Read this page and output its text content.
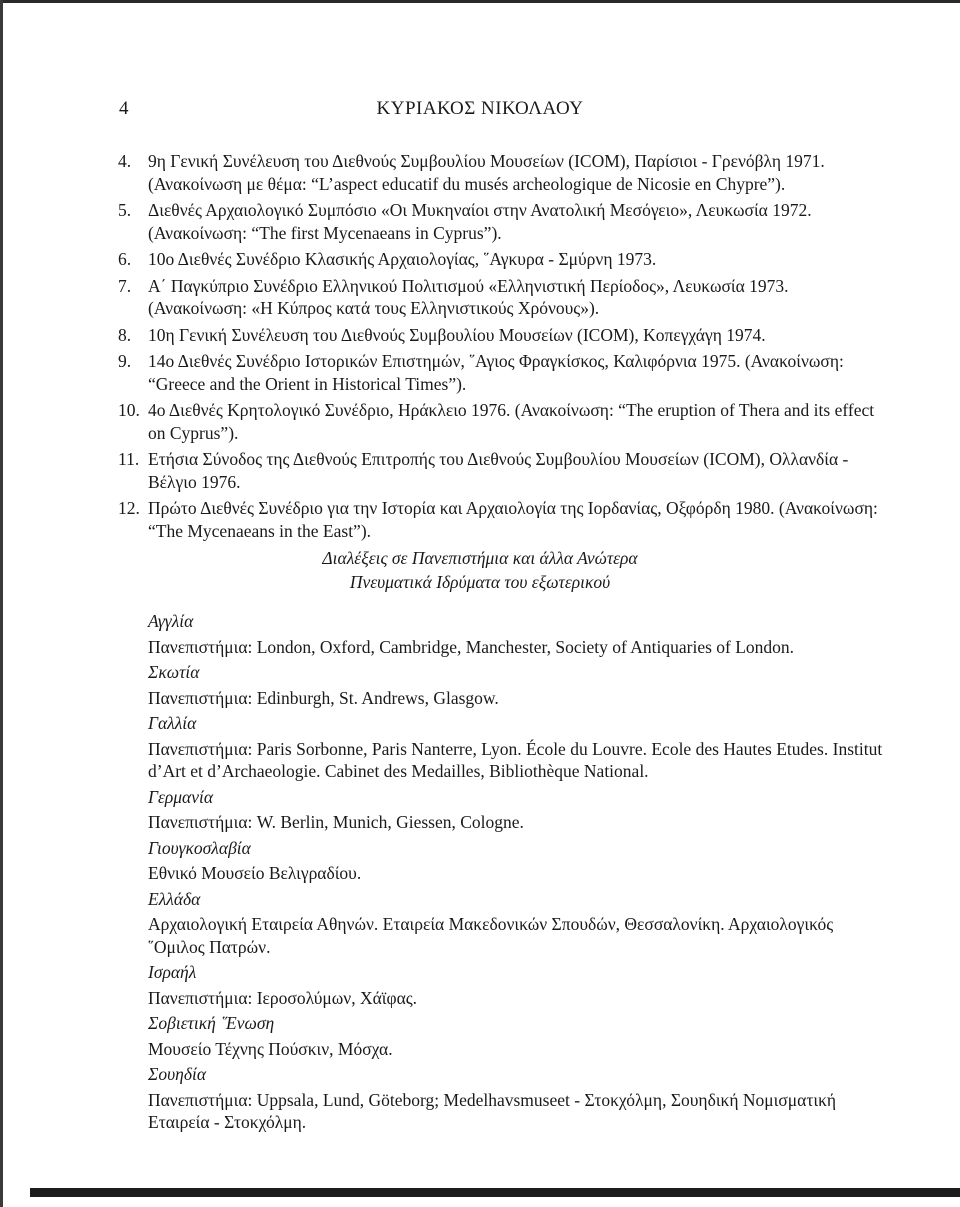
4	ΚΥΡΙΑΚΟΣ ΝΙΚΟΛΑΟΥ
4. 9η Γενική Συνέλευση του Διεθνούς Συμβουλίου Μουσείων (ICOM), Παρίσιοι - Γρενόβλη 1971. (Ανακοίνωση με θέμα: “L’aspect educatif du musés archeologique de Nicosie en Chypre”).
5. Διεθνές Αρχαιολογικό Συμπόσιο «Οι Μυκηναίοι στην Ανατολική Μεσόγειο», Λευκωσία 1972. (Ανακοίνωση: “The first Mycenaeans in Cyprus”).
6. 10ο Διεθνές Συνέδριο Κλασικής Αρχαιολογίας, ῞Αγκυρα - Σμύρνη 1973.
7. Α΄ Παγκύπριο Συνέδριο Ελληνικού Πολιτισμού «Ελληνιστική Περίοδος», Λευκωσία 1973. (Ανακοίνωση: «Η Κύπρος κατά τους Ελληνιστικούς Χρόνους»).
8. 10η Γενική Συνέλευση του Διεθνούς Συμβουλίου Μουσείων (ICOM), Κοπεγχάγη 1974.
9. 14ο Διεθνές Συνέδριο Ιστορικών Επιστημών, ῞Αγιος Φραγκίσκος, Καλιφόρνια 1975. (Ανακοίνωση: “Greece and the Orient in Historical Times”).
10. 4ο Διεθνές Κρητολογικό Συνέδριο, Ηράκλειο 1976. (Ανακοίνωση: “The eruption of Thera and its effect on Cyprus”).
11. Ετήσια Σύνοδος της Διεθνούς Επιτροπής του Διεθνούς Συμβουλίου Μουσείων (ICOM), Ολλανδία - Βέλγιο 1976.
12. Πρώτο Διεθνές Συνέδριο για την Ιστορία και Αρχαιολογία της Ιορδανίας, Οξφόρδη 1980. (Ανακοίνωση: “The Mycenaeans in the East”).
Διαλέξεις σε Πανεπιστήμια και άλλα Ανώτερα
Πνευματικά Ιδρύματα του εξωτερικού
Αγγλία
Πανεπιστήμια: London, Oxford, Cambridge, Manchester, Society of Antiquaries of London.
Σκωτία
Πανεπιστήμια: Edinburgh, St. Andrews, Glasgow.
Γαλλία
Πανεπιστήμια: Paris Sorbonne, Paris Nanterre, Lyon. École du Louvre. Ecole des Hautes Etudes. Institut d’Art et d’Archaeologie. Cabinet des Medailles, Bibliothèque National.
Γερμανία
Πανεπιστήμια: W. Berlin, Munich, Giessen, Cologne.
Γιουγκοσλαβία
Εθνικό Μουσείο Βελιγραδίου.
Ελλάδα
Αρχαιολογική Εταιρεία Αθηνών. Εταιρεία Μακεδονικών Σπουδών, Θεσσαλονίκη. Αρχαιολογικός ῞Ομιλος Πατρών.
Ισραήλ
Πανεπιστήμια: Ιεροσολύμων, Χάϊφας.
Σοβιετική ῞Ενωση
Μουσείο Τέχνης Πούσκιν, Μόσχα.
Σουηδία
Πανεπιστήμια: Uppsala, Lund, Göteborg; Medelhavsmuseet - Στοκχόλμη, Σουηδική Νομισματική Εταιρεία - Στοκχόλμη.
